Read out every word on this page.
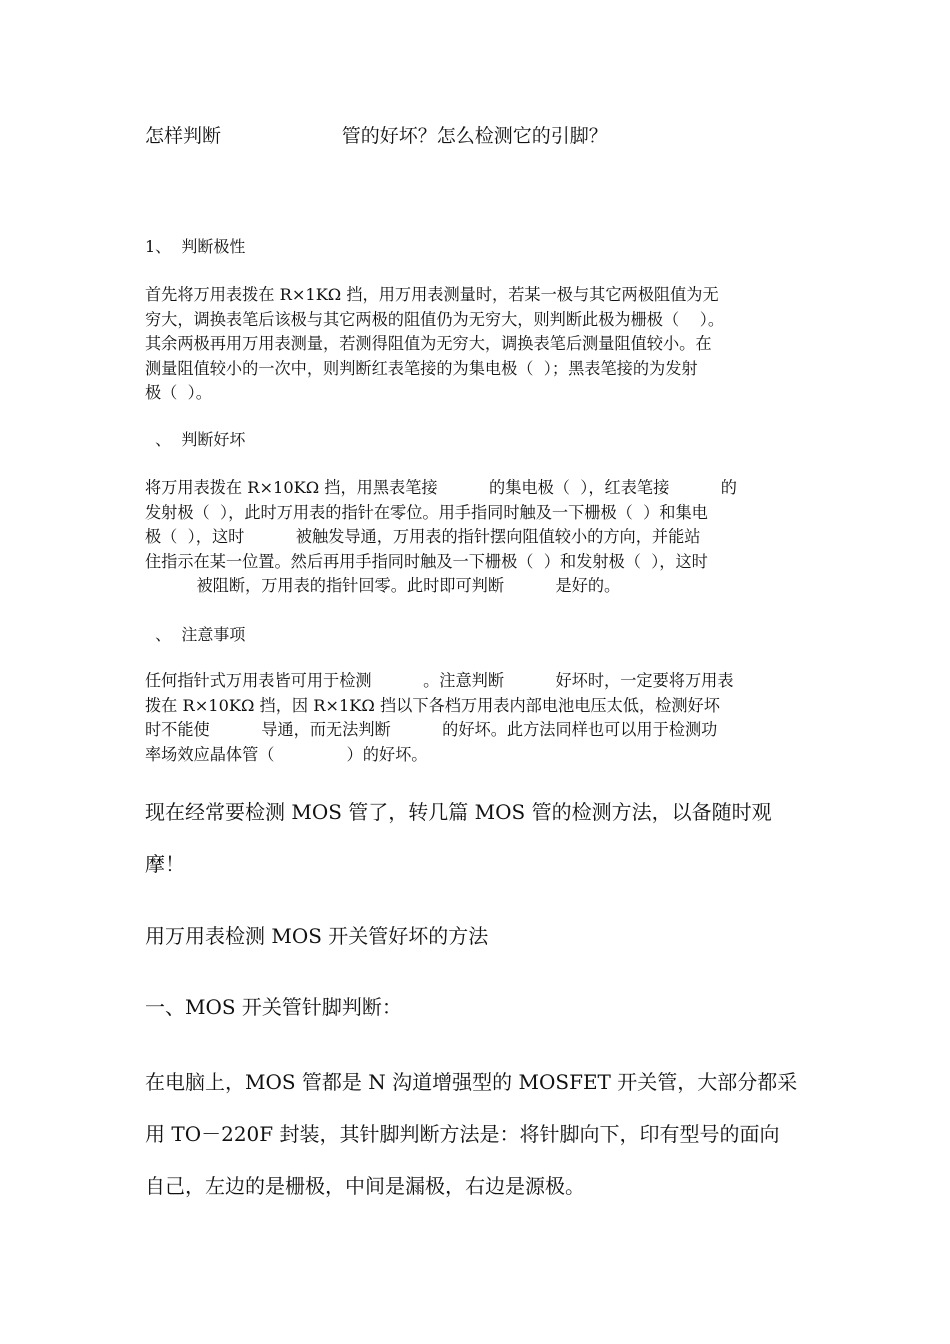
怎样判断                    管的好坏？怎么检测它的引脚？
1、  判断极性
首先将万用表拨在 R×1KΩ 挡，用万用表测量时，若某一极与其它两极阻值为无
穷大，调换表笔后该极与其它两极的阻值仍为无穷大，则判断此极为栅极（    ）。
其余两极再用万用表测量，若测得阻值为无穷大，调换表笔后测量阻值较小。在
测量阻值较小的一次中，则判断红表笔接的为集电极（  ）；黑表笔接的为发射
极（  ）。
、  判断好坏
将万用表拨在 R×10KΩ 挡，用黑表笔接          的集电极（  ），红表笔接          的
发射极（  ），此时万用表的指针在零位。用手指同时触及一下栅极（  ）和集电
极（  ），这时          被触发导通，万用表的指针摆向阻值较小的方向，并能站
住指示在某一位置。然后再用手指同时触及一下栅极（  ）和发射极（  ），这时
被阻断，万用表的指针回零。此时即可判断          是好的。
、  注意事项
任何指针式万用表皆可用于检测          。注意判断          好坏时，一定要将万用表
拨在 R×10KΩ 挡，因 R×1KΩ 挡以下各档万用表内部电池电压太低，检测好坏
时不能使          导通，而无法判断          的好坏。此方法同样也可以用于检测功
率场效应晶体管（              ）的好坏。
现在经常要检测 MOS 管了，转几篇 MOS 管的检测方法，以备随时观
摩！
用万用表检测 MOS 开关管好坏的方法
一、MOS 开关管针脚判断：
在电脑上，MOS 管都是 N 沟道增强型的 MOSFET 开关管，大部分都采
用 TO－220F 封装，其针脚判断方法是：将针脚向下，印有型号的面向
自己，左边的是栅极，中间是漏极，右边是源极。
